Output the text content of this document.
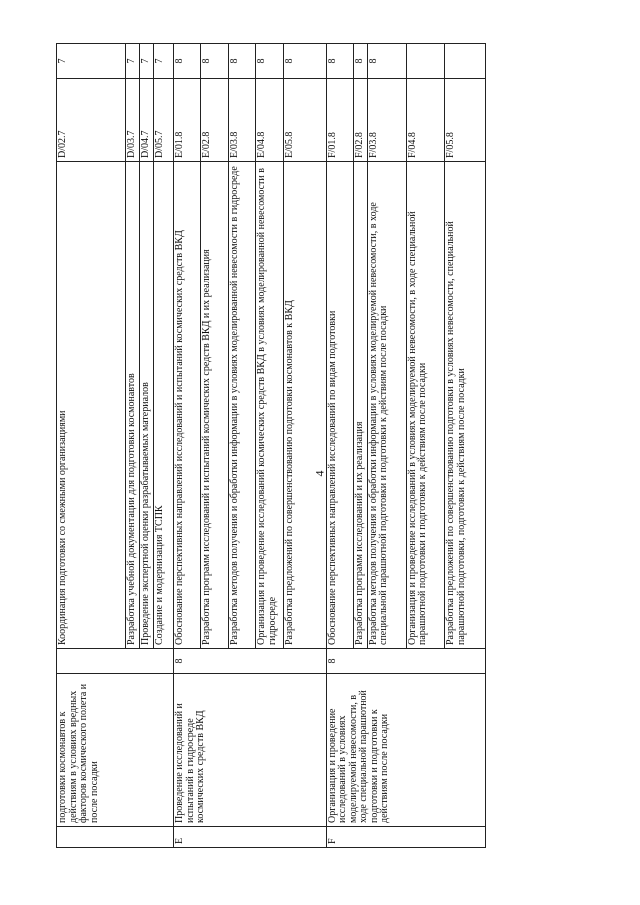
4
	подготовки космонавтов к действиям в условиях вредных факторов космического полета и после посадки		Координация подготовки со смежными организациями	D/02.7	7
			Разработка учебной документации для подготовки космонавтов	D/03.7	7
			Проведение экспертной оценки разрабатываемых материалов	D/04.7	7
			Создание и модернизация ТСПК	D/05.7	7
E	Проведение исследований и испытаний в гидросреде космических средств ВКД	8	Обоснование перспективных направлений исследований и испытаний космических средств ВКД	E/01.8	8
			Разработка программ исследований и испытаний космических средств ВКД и их реализация	E/02.8	8
			Разработка методов получения и обработки информации в условиях моделированной невесомости в гидросреде	E/03.8	8
			Организация и проведение исследований космических средств ВКД в условиях моделированной невесомости в гидросреде	E/04.8	8
			Разработка предложений по совершенствованию подготовки космонавтов к ВКД	E/05.8	8
F	Организация и проведение исследований в условиях моделируемой невесомости, в ходе специальной парашютной подготовки и подготовки к действиям после посадки	8	Обоснование перспективных направлений исследований по видам подготовки	F/01.8	8
			Разработка программ исследований и их реализация	F/02.8	8
			Разработка методов получения и обработки информации в условиях моделируемой невесомости, в ходе специальной парашютной подготовки и подготовки к действиям после посадки	F/03.8	8
			Организация и проведение исследований в условиях моделируемой невесомости, в ходе специальной парашютной подготовки и подготовки к действиям после посадки	F/04.8	
			Разработка предложений по совершенствованию подготовки в условиях невесомости, специальной парашютной подготовки, подготовки к действиям после посадки	F/05.8	
